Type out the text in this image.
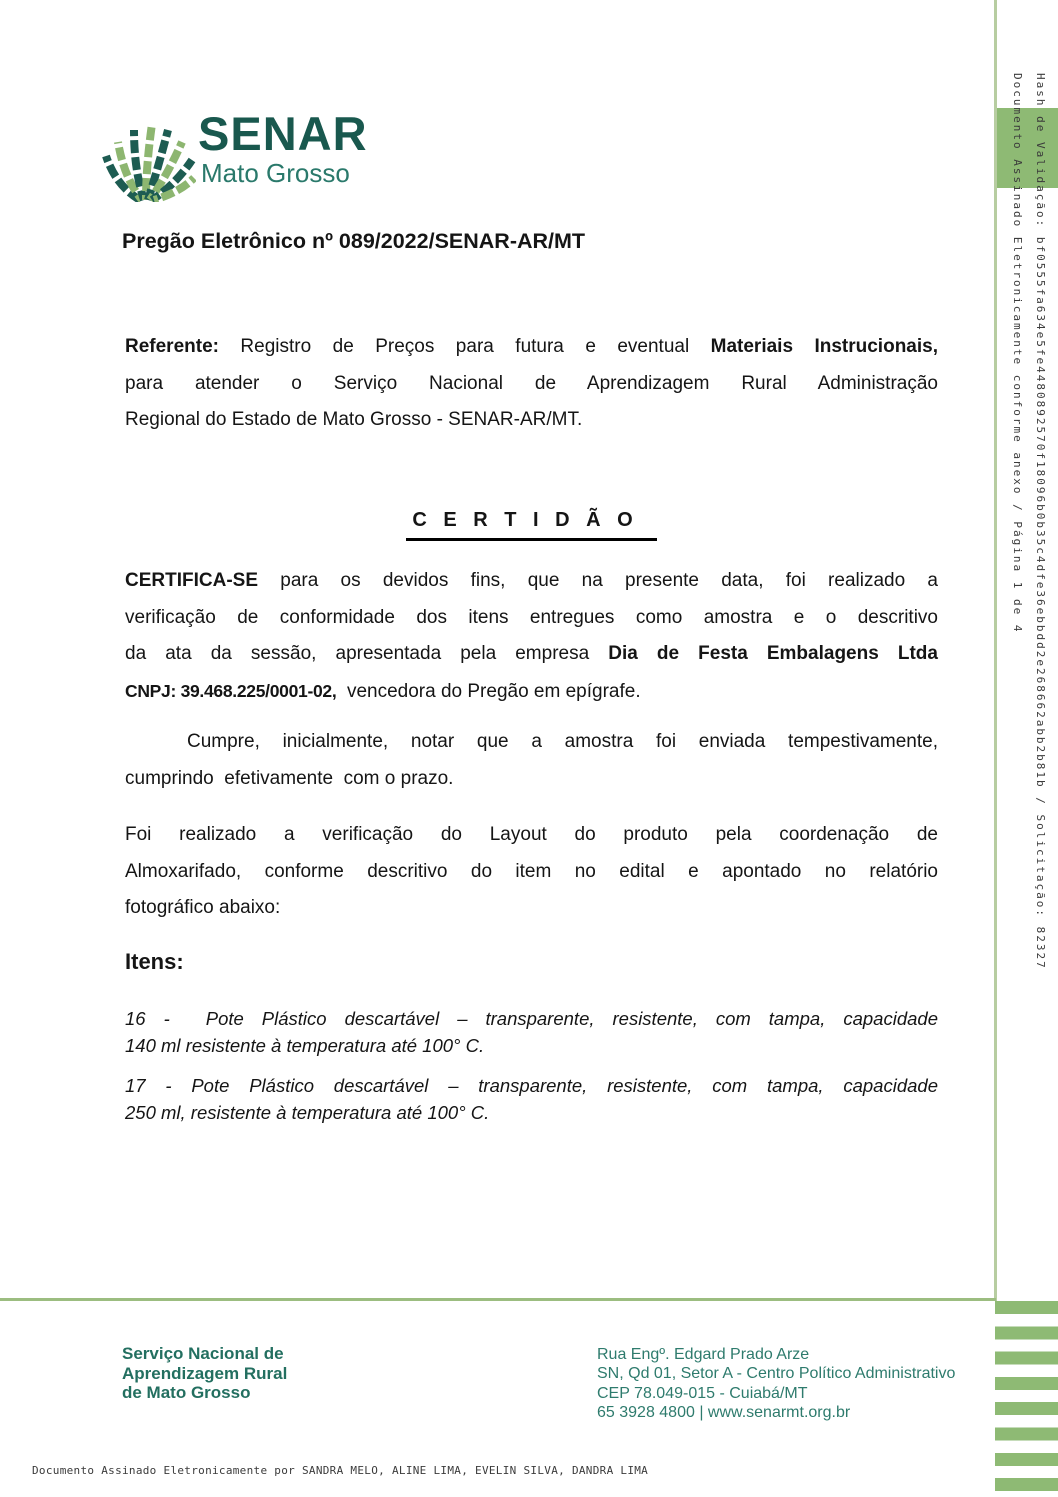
SENAR
Mato Grosso
Pregão Eletrônico nº 089/2022/SENAR-AR/MT
Referente: Registro de Preços para futura e eventual Materiais Instrucionais,
para atender o Serviço Nacional de Aprendizagem Rural Administração
Regional do Estado de Mato Grosso - SENAR-AR/MT.
C E R T I D Ã O
CERTIFICA-SE para os devidos fins, que na presente data, foi realizado a
verificação de conformidade dos itens entregues como amostra e o descritivo
da ata da sessão, apresentada pela empresa Dia de Festa Embalagens Ltda
CNPJ: 39.468.225/0001-02,  vencedora do Pregão em epígrafe.
Cumpre, inicialmente, notar que a amostra foi enviada tempestivamente,
cumprindo  efetivamente  com o prazo.
Foi realizado a verificação do Layout do produto pela coordenação de
Almoxarifado, conforme descritivo do item no edital e apontado no relatório
fotográfico abaixo:
Itens:
16 -  Pote Plástico descartável – transparente, resistente, com tampa, capacidade
140 ml resistente à temperatura até 100° C.
17 - Pote Plástico descartável – transparente, resistente, com tampa, capacidade
250 ml, resistente à temperatura até 100° C.
Serviço Nacional de
Aprendizagem Rural
de Mato Grosso
Rua Engº. Edgard Prado Arze
SN, Qd 01, Setor A - Centro Político Administrativo
CEP 78.049-015 - Cuiabá/MT
65 3928 4800 | www.senarmt.org.br
Documento Assinado Eletronicamente por SANDRA MELO, ALINE LIMA, EVELIN SILVA, DANDRA LIMA
Documento Assinado Eletronicamente conforme anexo / Página 1 de 4 Hash de Validação: bf0555fa634e5fe4480892570f18096b0b35c4dfe36ebbdd2e268662abb2b81b / Solicitação: 82327
